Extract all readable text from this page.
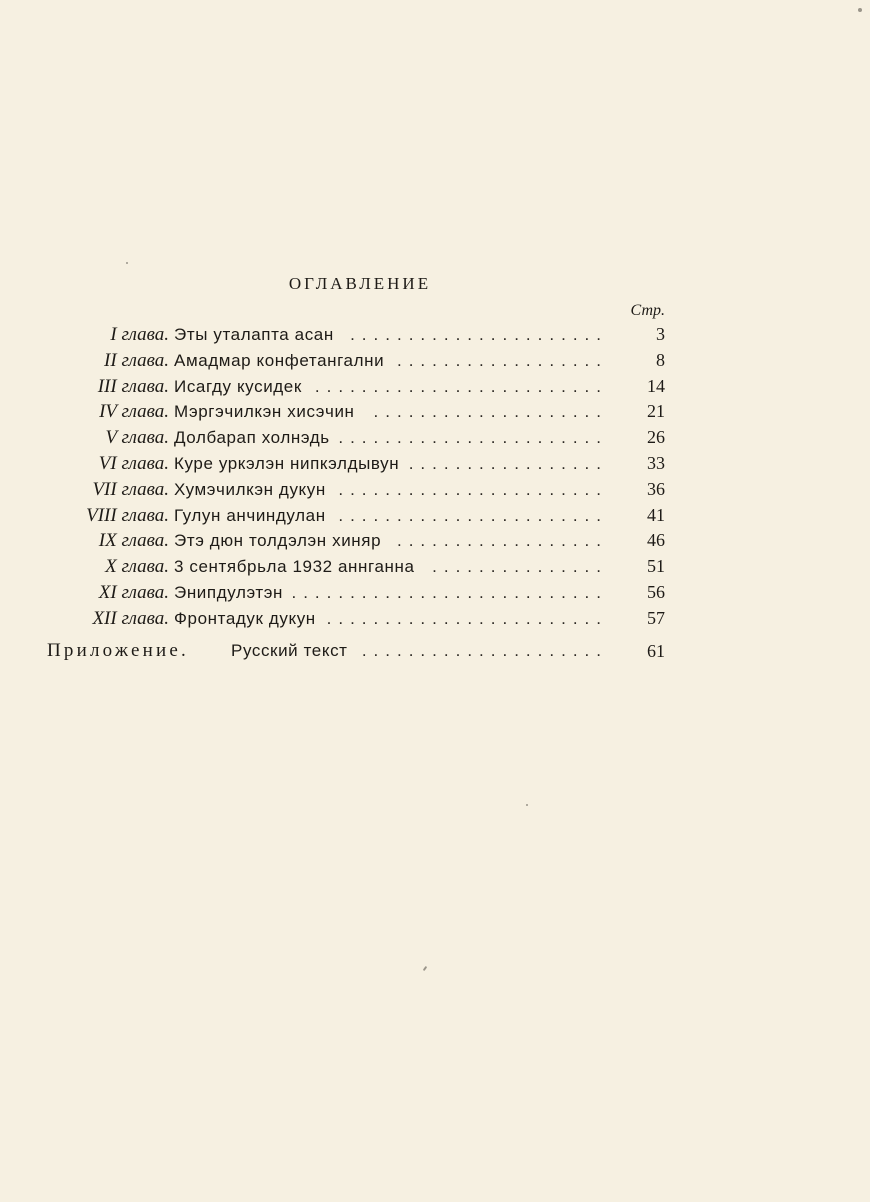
ОГЛАВЛЕНИЕ
Стр.
I глава. Эты уталапта асан ......................	3
II глава. Амадмар конфетангални ..................	8
III глава. Исагду кусидек ......................... 14
IV глава. Мэргэчилкэн хисэчин .................... 21
V глава. Долбарап холнэдь ....................... 26
VI глава. Куре уркэлэн нипкэлдывун ................. 33
VII глава. Хумэчилкэн дукун ....................... 36
VIII глава. Гулун анчиндулан ....................... 41
IX глава. Этэ дюн толдэлэн хиняр .................. 46
X глава. 3 сентябрьла 1932 аннганна ............... 51
XI глава. Энипдулэтэн ........................... 56
XII глава. Фронтадук дукун ........................ 57
Приложение. Русский текст ..................... 61
